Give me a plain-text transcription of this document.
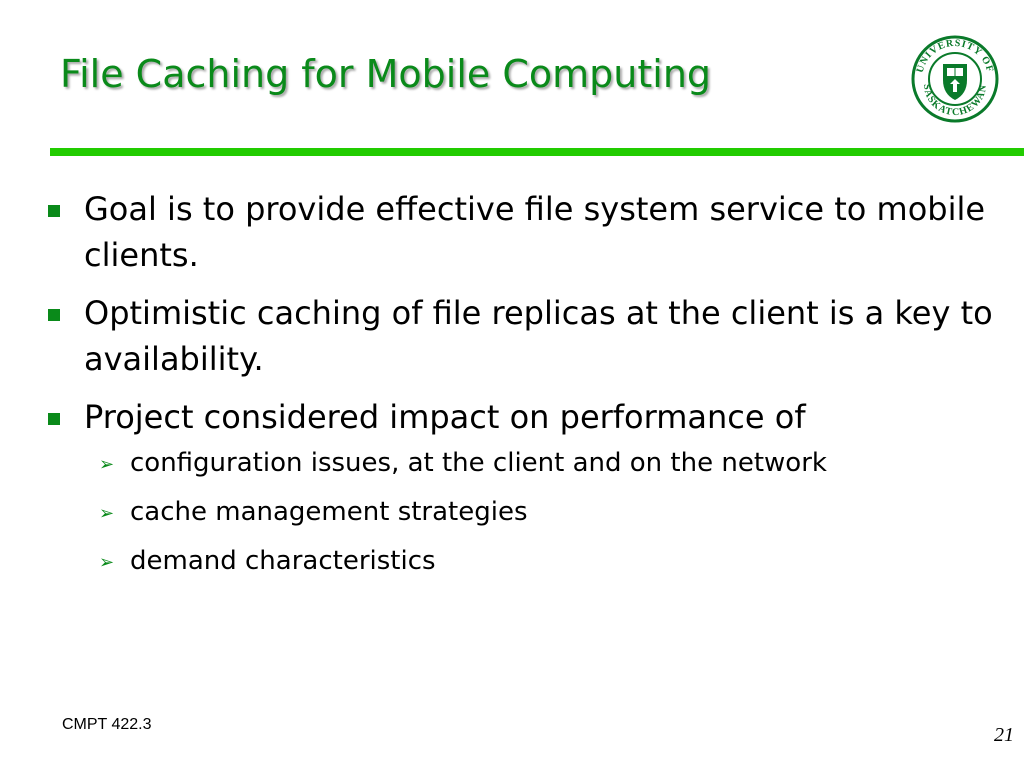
File Caching for Mobile Computing	UNIVERSITY OF
SASKATCHEWAN
Goal is to provide effective file system service to mobile clients.
Optimistic caching of file replicas at the client is a key to availability.
Project considered impact on performance of
➢ configuration issues, at the client and on the network
➢ cache management strategies
➢ demand characteristics
CMPT 422.3	21
